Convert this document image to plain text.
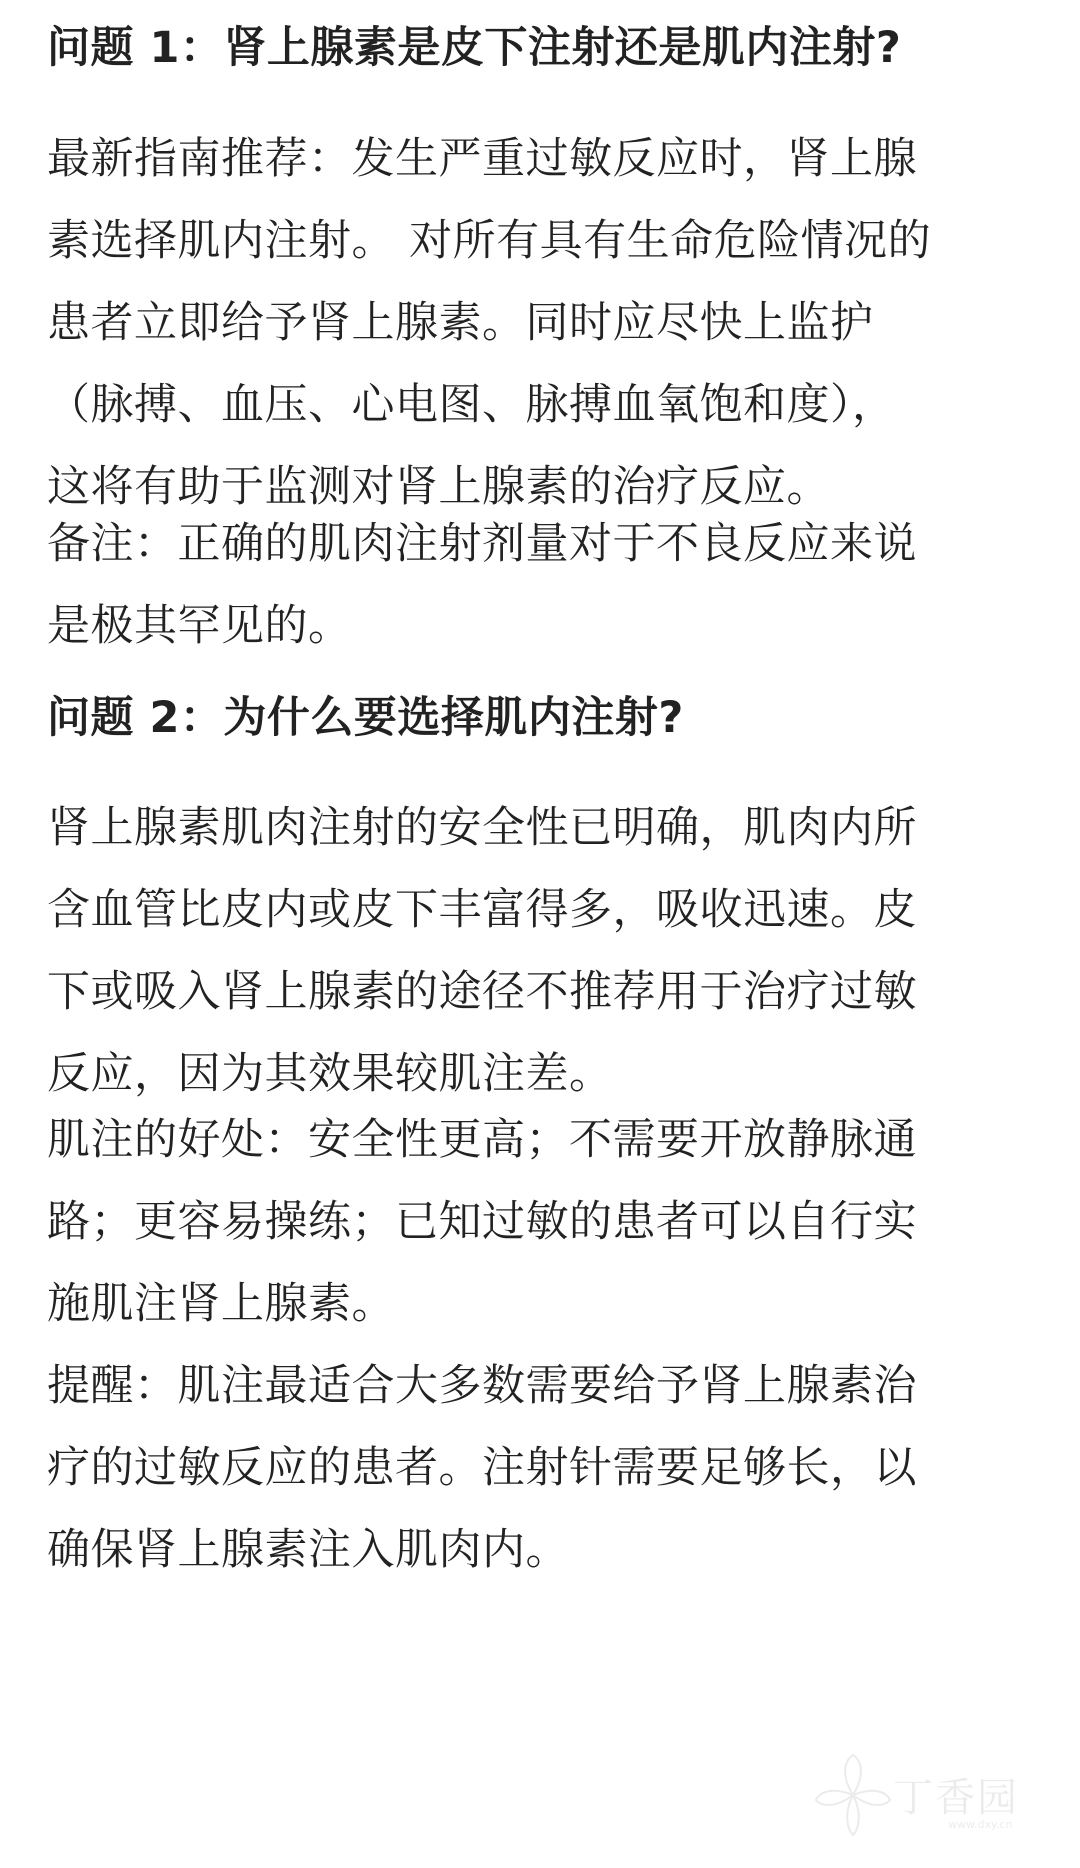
问题 1：肾上腺素是皮下注射还是肌内注射?
最新指南推荐：发生严重过敏反应时，肾上腺
素选择肌内注射。 对所有具有生命危险情况的
患者立即给予肾上腺素。同时应尽快上监护
（脉搏、血压、心电图、脉搏血氧饱和度），
这将有助于监测对肾上腺素的治疗反应。
备注：正确的肌肉注射剂量对于不良反应来说
是极其罕见的。
问题 2：为什么要选择肌内注射?
肾上腺素肌肉注射的安全性已明确，肌肉内所
含血管比皮内或皮下丰富得多，吸收迅速。皮
下或吸入肾上腺素的途径不推荐用于治疗过敏
反应，因为其效果较肌注差。
肌注的好处：安全性更高；不需要开放静脉通
路；更容易操练；已知过敏的患者可以自行实
施肌注肾上腺素。
提醒：肌注最适合大多数需要给予肾上腺素治
疗的过敏反应的患者。注射针需要足够长，以
确保肾上腺素注入肌肉内。
丁香园
www.dxy.cn
